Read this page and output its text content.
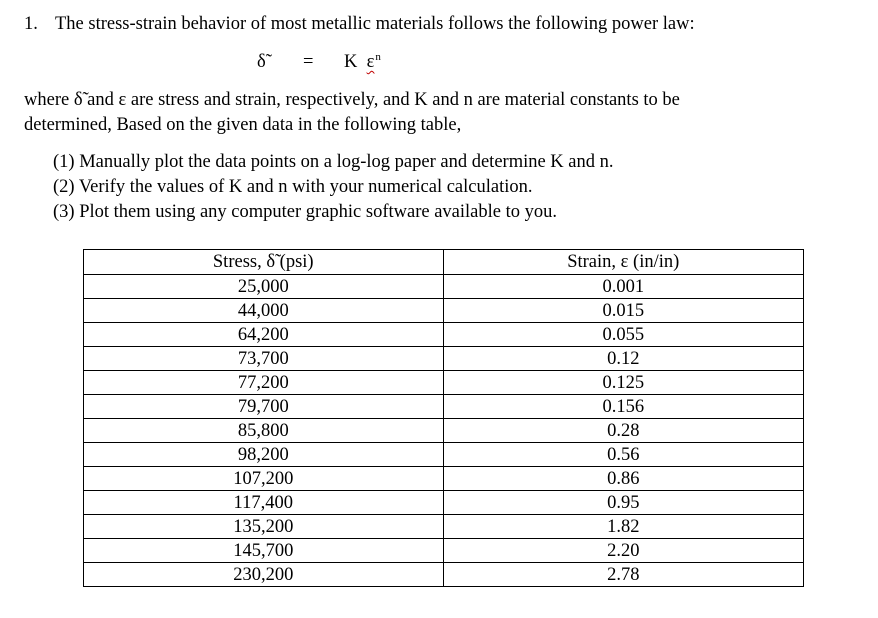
1. The stress-strain behavior of most metallic materials follows the following power law:
δ̃ = K $\varepsilon^n$
where δ̃ and ε are stress and strain, respectively, and K and n are material constants to be
determined, Based on the given data in the following table,
(1) Manually plot the data points on a log-log paper and determine K and n.
(2) Verify the values of K and n with your numerical calculation.
(3) Plot them using any computer graphic software available to you.
Stress, δ̃ (psi)	Strain, ε (in/in)
25,000	0.001
44,000	0.015
64,200	0.055
73,700	0.12
77,200	0.125
79,700	0.156
85,800	0.28
98,200	0.56
107,200	0.86
117,400	0.95
135,200	1.82
145,700	2.20
230,200	2.78
